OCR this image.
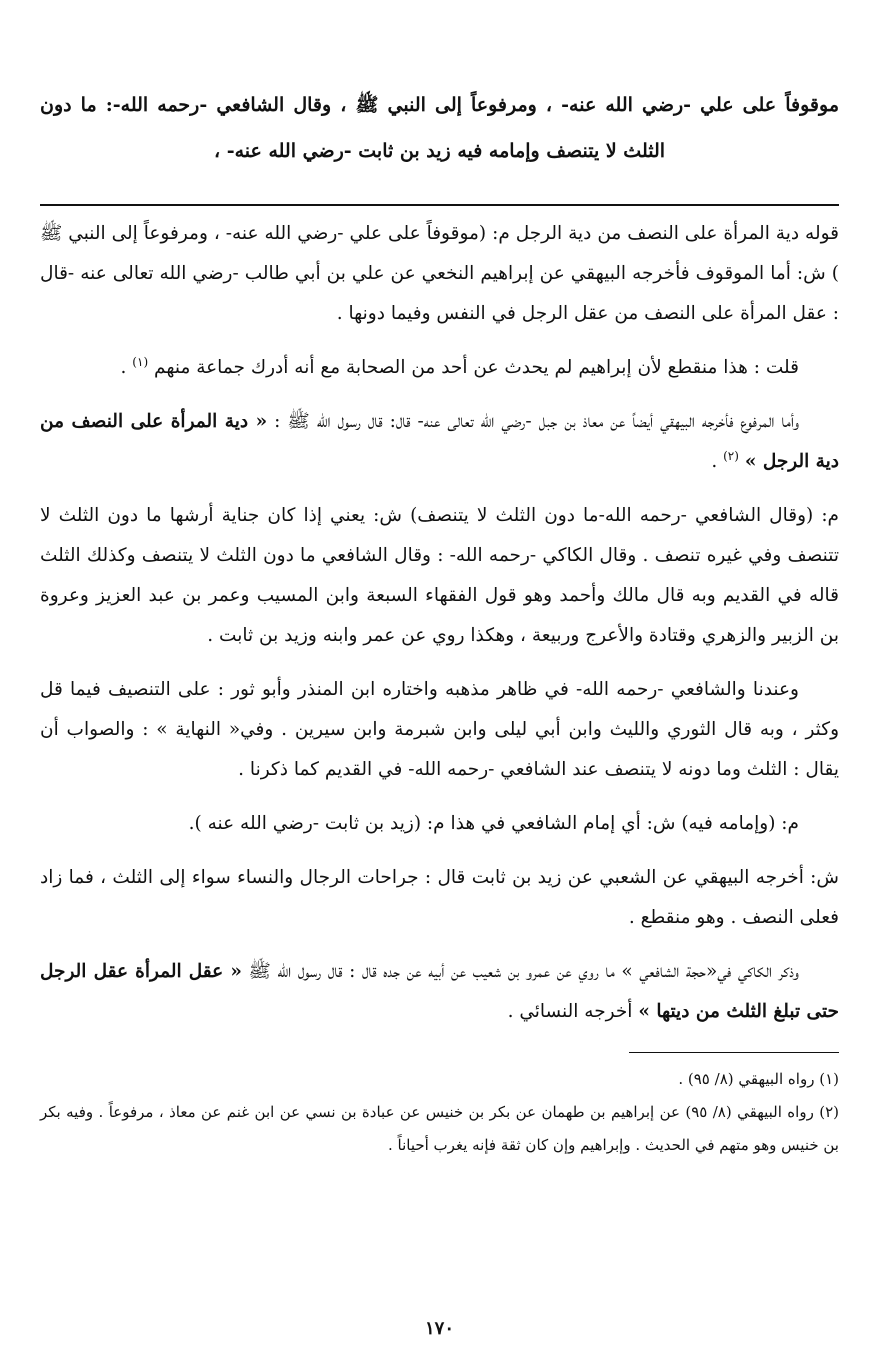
موقوفاً على علي -رضي الله عنه- ، ومرفوعاً إلى النبي ﷺ ، وقال الشافعي -رحمه الله-: ما دون الثلث لا يتنصف وإمامه فيه زيد بن ثابت -رضي الله عنه- ،

قوله دية المرأة على النصف من دية الرجل م: (موقوفاً على علي -رضي الله عنه- ، ومرفوعاً إلى النبي ﷺ ) ش: أما الموقوف فأخرجه البيهقي عن إبراهيم النخعي عن علي بن أبي طالب -رضي الله تعالى عنه -قال : عقل المرأة على النصف من عقل الرجل في النفس وفيما دونها .

قلت : هذا منقطع لأن إبراهيم لم يحدث عن أحد من الصحابة مع أنه أدرك جماعة منهم $^{(١)}$ .

وأما المرفوع فأخرجه البيهقي أيضاً عن معاذ بن جبل -رضي الله تعالى عنه- قال: قال رسول الله ﷺ : « دية المرأة على النصف من دية الرجل » $^{(٢)}$ .

م: (وقال الشافعي -رحمه الله-ما دون الثلث لا يتنصف) ش: يعني إذا كان جناية أرشها ما دون الثلث لا تتنصف وفي غيره تنصف . وقال الكاكي -رحمه الله- : وقال الشافعي ما دون الثلث لا يتنصف وكذلك الثلث قاله في القديم وبه قال مالك وأحمد وهو قول الفقهاء السبعة وابن المسيب وعمر بن عبد العزيز وعروة بن الزبير والزهري وقتادة والأعرج وربيعة ، وهكذا روي عن عمر وابنه وزيد بن ثابت .

وعندنا والشافعي -رحمه الله- في ظاهر مذهبه واختاره ابن المنذر وأبو ثور : على التنصيف فيما قل وكثر ، وبه قال الثوري والليث وابن أبي ليلى وابن شبرمة وابن سيرين . وفي« النهاية » : والصواب أن يقال : الثلث وما دونه لا يتنصف عند الشافعي -رحمه الله- في القديم كما ذكرنا .

م: (وإمامه فيه) ش: أي إمام الشافعي في هذا م: (زيد بن ثابت -رضي الله عنه ).

ش: أخرجه البيهقي عن الشعبي عن زيد بن ثابت قال : جراحات الرجال والنساء سواء إلى الثلث ، فما زاد فعلى النصف . وهو منقطع .

وذكر الكاكي في«حجة الشافعي » ما روي عن عمرو بن شعيب عن أبيه عن جده قال : قال رسول الله ﷺ « عقل المرأة عقل الرجل حتى تبلغ الثلث من ديتها » أخرجه النسائي .

(١) رواه البيهقي (٨/ ٩٥) .

(٢) رواه البيهقي (٨/ ٩٥) عن إبراهيم بن طهمان عن بكر بن خنيس عن عبادة بن نسي عن ابن غنم عن معاذ ، مرفوعاً . وفيه بكر بن خنيس وهو متهم في الحديث . وإبراهيم وإن كان ثقة فإنه يغرب أحياناً .

١٧٠
